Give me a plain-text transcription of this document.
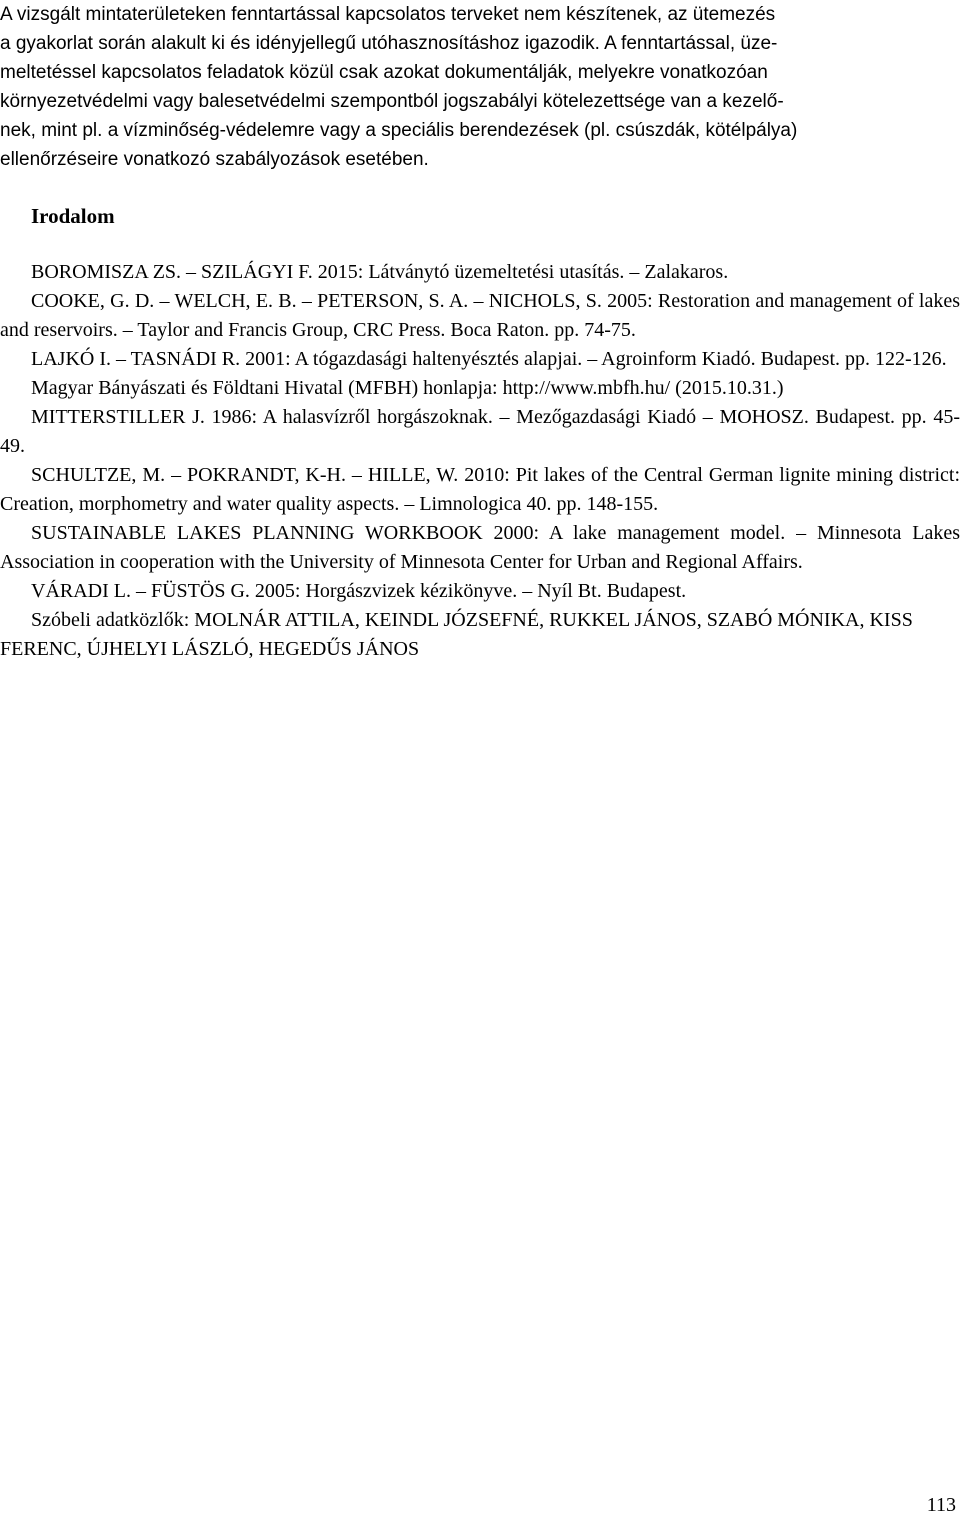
A vizsgált mintaterületeken fenntartással kapcsolatos terveket nem készítenek, az ütemezés
a gyakorlat során alakult ki és idényjellegű utóhasznosításhoz igazodik. A fenntartással, üze-
meltetéssel kapcsolatos feladatok közül csak azokat dokumentálják, melyekre vonatkozóan
környezetvédelmi vagy balesetvédelmi szempontból jogszabályi kötelezettsége van a kezelő-
nek, mint pl. a vízminőség-védelemre vagy a speciális berendezések (pl. csúszdák, kötélpálya)
ellenőrzéseire vonatkozó szabályozások esetében.
Irodalom

BOROMISZA ZS. – SZILÁGYI F. 2015: Látványtó üzemeltetési utasítás. – Zalakaros.

COOKE, G. D. – WELCH, E. B. – PETERSON, S. A. – NICHOLS, S. 2005: Restoration and management of lakes and reservoirs. – Taylor and Francis Group, CRC Press. Boca Raton. pp. 74-75.

LAJKÓ I. – TASNÁDI R. 2001: A tógazdasági haltenyésztés alapjai. – Agroinform Kiadó. Budapest. pp. 122-126.

Magyar Bányászati és Földtani Hivatal (MFBH) honlapja: http://www.mbfh.hu/ (2015.10.31.)

MITTERSTILLER J. 1986: A halasvízről horgászoknak. – Mezőgazdasági Kiadó – MOHOSZ. Budapest. pp. 45-49.

SCHULTZE, M. – POKRANDT, K-H. – HILLE, W. 2010: Pit lakes of the Central German lignite mining district: Creation, morphometry and water quality aspects. – Limnologica 40. pp. 148-155.

SUSTAINABLE LAKES PLANNING WORKBOOK 2000: A lake management model. – Minnesota Lakes Association in cooperation with the University of Minnesota Center for Urban and Regional Affairs.

VÁRADI L. – FÜSTÖS G. 2005: Horgászvizek kézikönyve. – Nyíl Bt. Budapest.

Szóbeli adatközlők: MOLNÁR ATTILA, KEINDL JÓZSEFNÉ, RUKKEL JÁNOS, SZABÓ MÓNIKA, KISS FERENC, ÚJHELYI LÁSZLÓ, HEGEDŰS JÁNOS

113
